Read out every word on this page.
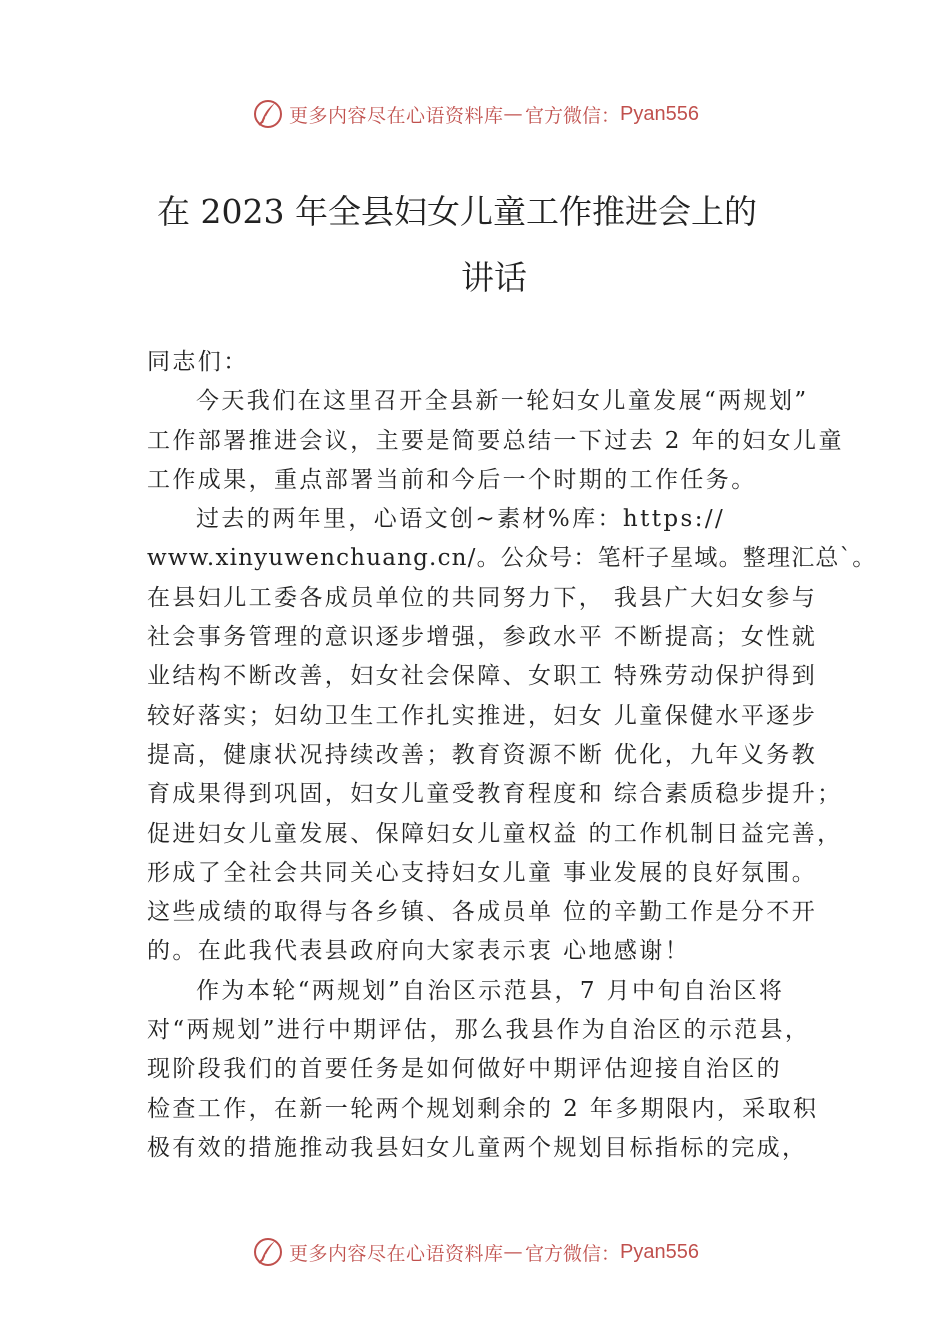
更多内容尽在心语资料库 — 官方微信： Pyan556
在 2023 年全县妇女儿童工作推进会上的
讲话
同志们：
今天我们在这里召开全县新一轮妇女儿童发展“两规划”
工作部署推进会议，主要是简要总结一下过去 2 年的妇女儿童
工作成果，重点部署当前和今后一个时期的工作任务。
过去的两年里，心语文创~素材%库：https://
www.xinyuwenchuang.cn/。公众号：笔杆子星域。整理汇总`。
在县妇儿工委各成员单位的共同努力下， 我县广大妇女参与
社会事务管理的意识逐步增强，参政水平 不断提高；女性就
业结构不断改善，妇女社会保障、女职工 特殊劳动保护得到
较好落实；妇幼卫生工作扎实推进，妇女 儿童保健水平逐步
提高，健康状况持续改善；教育资源不断 优化，九年义务教
育成果得到巩固，妇女儿童受教育程度和 综合素质稳步提升；
促进妇女儿童发展、保障妇女儿童权益 的工作机制日益完善，
形成了全社会共同关心支持妇女儿童 事业发展的良好氛围。
这些成绩的取得与各乡镇、各成员单 位的辛勤工作是分不开
的。在此我代表县政府向大家表示衷 心地感谢！
作为本轮“两规划”自治区示范县，7 月中旬自治区将
对“两规划”进行中期评估，那么我县作为自治区的示范县，
现阶段我们的首要任务是如何做好中期评估迎接自治区的
检查工作，在新一轮两个规划剩余的 2 年多期限内，采取积
极有效的措施推动我县妇女儿童两个规划目标指标的完成，
更多内容尽在心语资料库 — 官方微信： Pyan556
